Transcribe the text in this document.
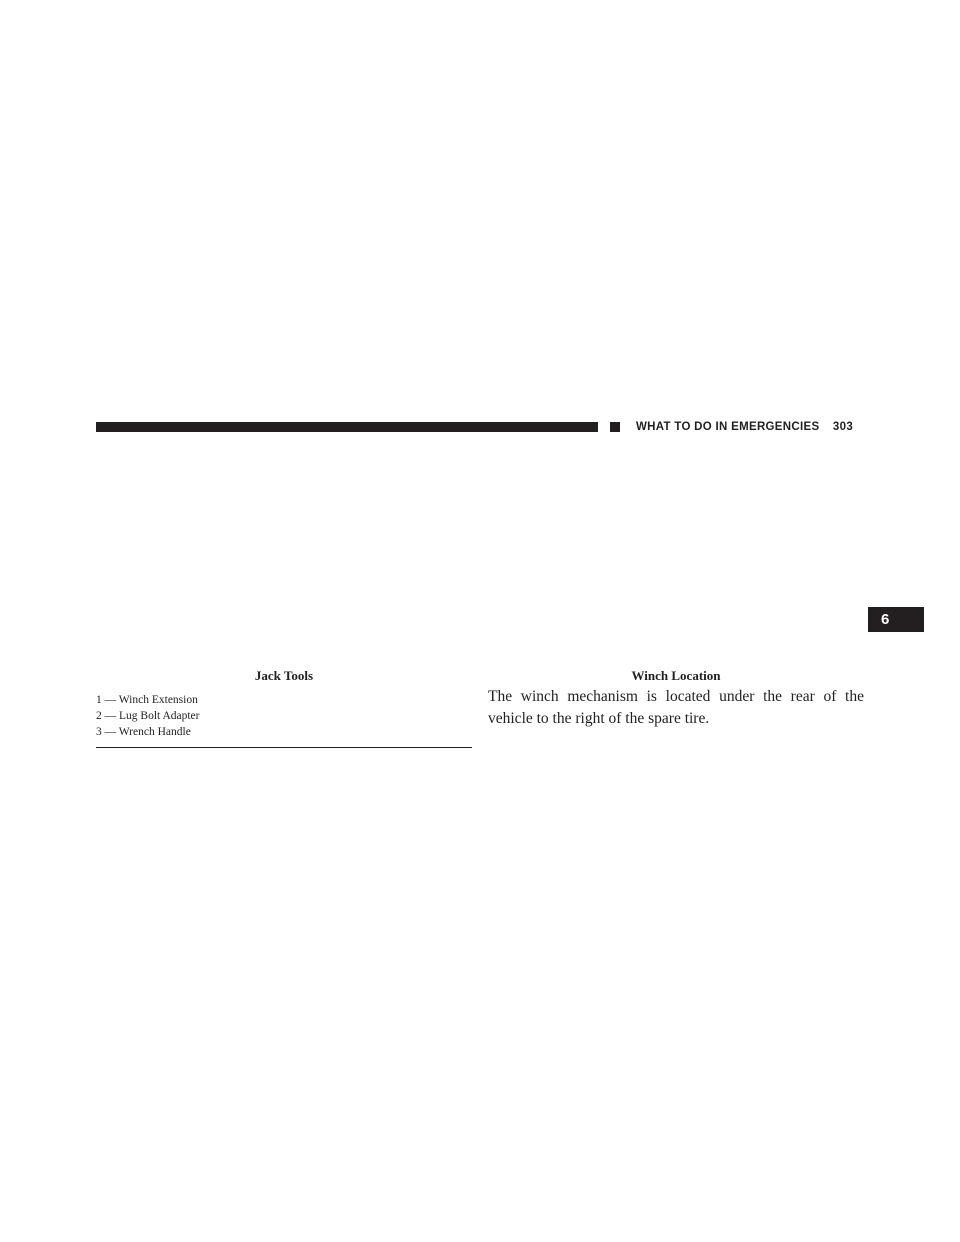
WHAT TO DO IN EMERGENCIES 303
6
Jack Tools
1 — Winch Extension
2 — Lug Bolt Adapter
3 — Wrench Handle
Winch Location

The winch mechanism is located under the rear of the vehicle to the right of the spare tire.
